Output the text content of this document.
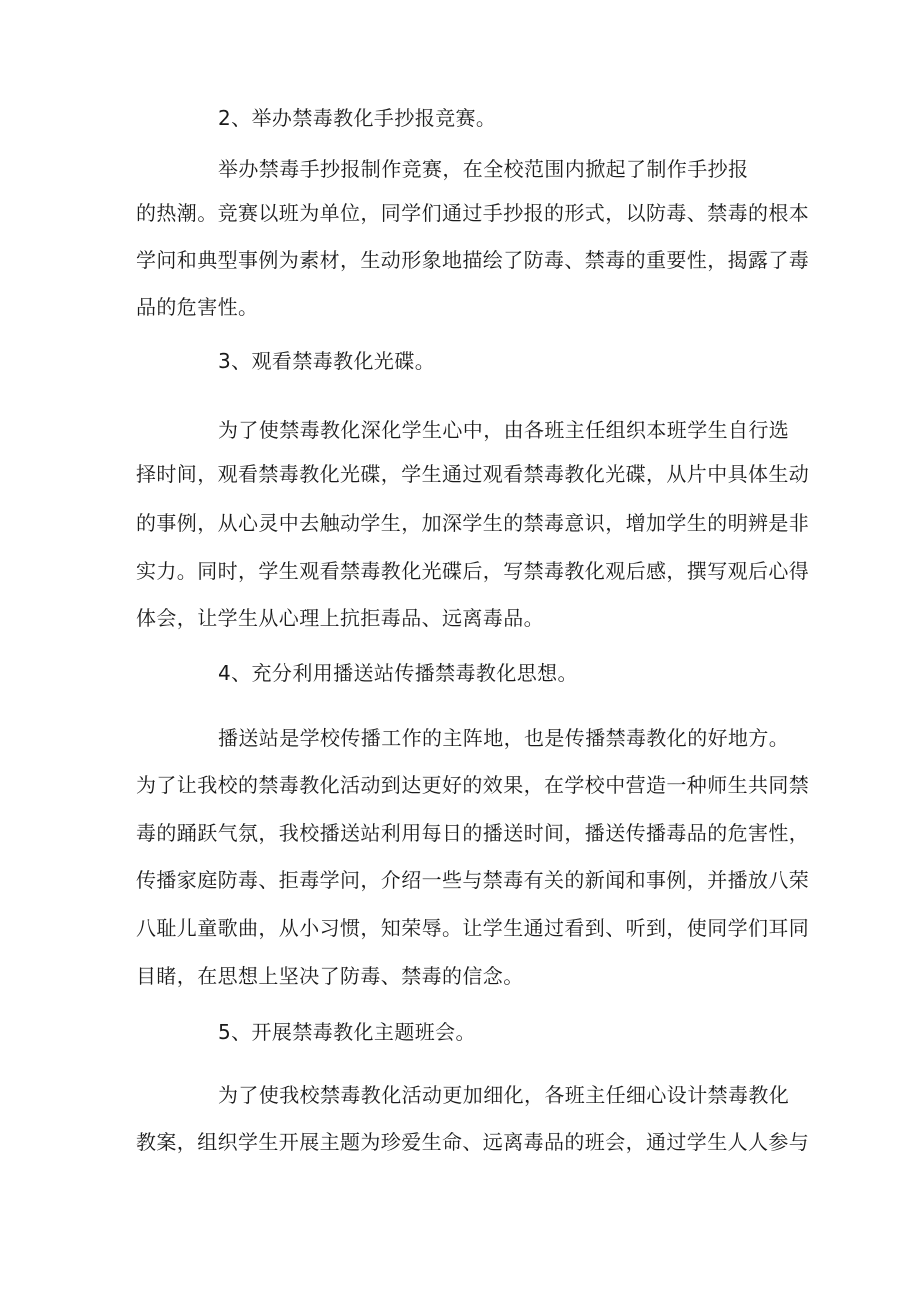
2、举办禁毒教化手抄报竞赛。
举办禁毒手抄报制作竞赛，在全校范围内掀起了制作手抄报
的热潮。竞赛以班为单位，同学们通过手抄报的形式，以防毒、禁毒的根本
学问和典型事例为素材，生动形象地描绘了防毒、禁毒的重要性，揭露了毒
品的危害性。
3、观看禁毒教化光碟。
为了使禁毒教化深化学生心中，由各班主任组织本班学生自行选
择时间，观看禁毒教化光碟，学生通过观看禁毒教化光碟，从片中具体生动
的事例，从心灵中去触动学生，加深学生的禁毒意识，增加学生的明辨是非
实力。同时，学生观看禁毒教化光碟后，写禁毒教化观后感，撰写观后心得
体会，让学生从心理上抗拒毒品、远离毒品。
4、充分利用播送站传播禁毒教化思想。
播送站是学校传播工作的主阵地，也是传播禁毒教化的好地方。
为了让我校的禁毒教化活动到达更好的效果，在学校中营造一种师生共同禁
毒的踊跃气氛，我校播送站利用每日的播送时间，播送传播毒品的危害性，
传播家庭防毒、拒毒学问，介绍一些与禁毒有关的新闻和事例，并播放八荣
八耻儿童歌曲，从小习惯，知荣辱。让学生通过看到、听到，使同学们耳同
目睹，在思想上坚决了防毒、禁毒的信念。
5、开展禁毒教化主题班会。
为了使我校禁毒教化活动更加细化，各班主任细心设计禁毒教化
教案，组织学生开展主题为珍爱生命、远离毒品的班会，通过学生人人参与
